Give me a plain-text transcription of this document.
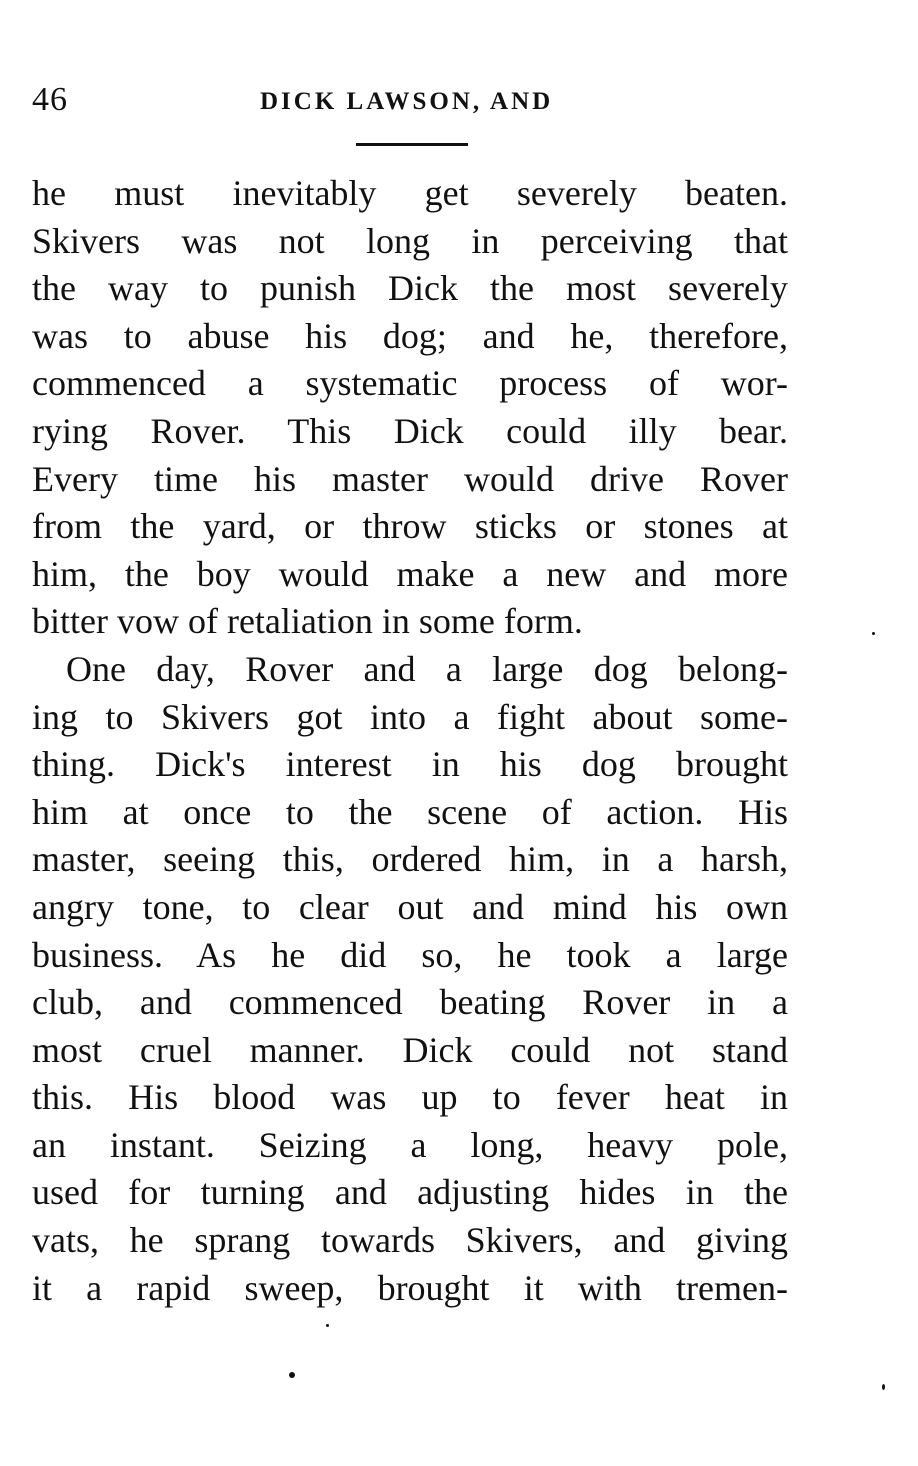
46	DICK LAWSON, AND
he must inevitably get severely beaten.
Skivers was not long in perceiving that
the way to punish Dick the most severely
was to abuse his dog; and he, therefore,
commenced a systematic process of wor-
rying Rover. This Dick could illy bear.
Every time his master would drive Rover
from the yard, or throw sticks or stones at
him, the boy would make a new and more
bitter vow of retaliation in some form.
One day, Rover and a large dog belong-
ing to Skivers got into a fight about some-
thing. Dick's interest in his dog brought
him at once to the scene of action. His
master, seeing this, ordered him, in a harsh,
angry tone, to clear out and mind his own
business. As he did so, he took a large
club, and commenced beating Rover in a
most cruel manner. Dick could not stand
this. His blood was up to fever heat in
an instant. Seizing a long, heavy pole,
used for turning and adjusting hides in the
vats, he sprang towards Skivers, and giving
it a rapid sweep, brought it with tremen-
